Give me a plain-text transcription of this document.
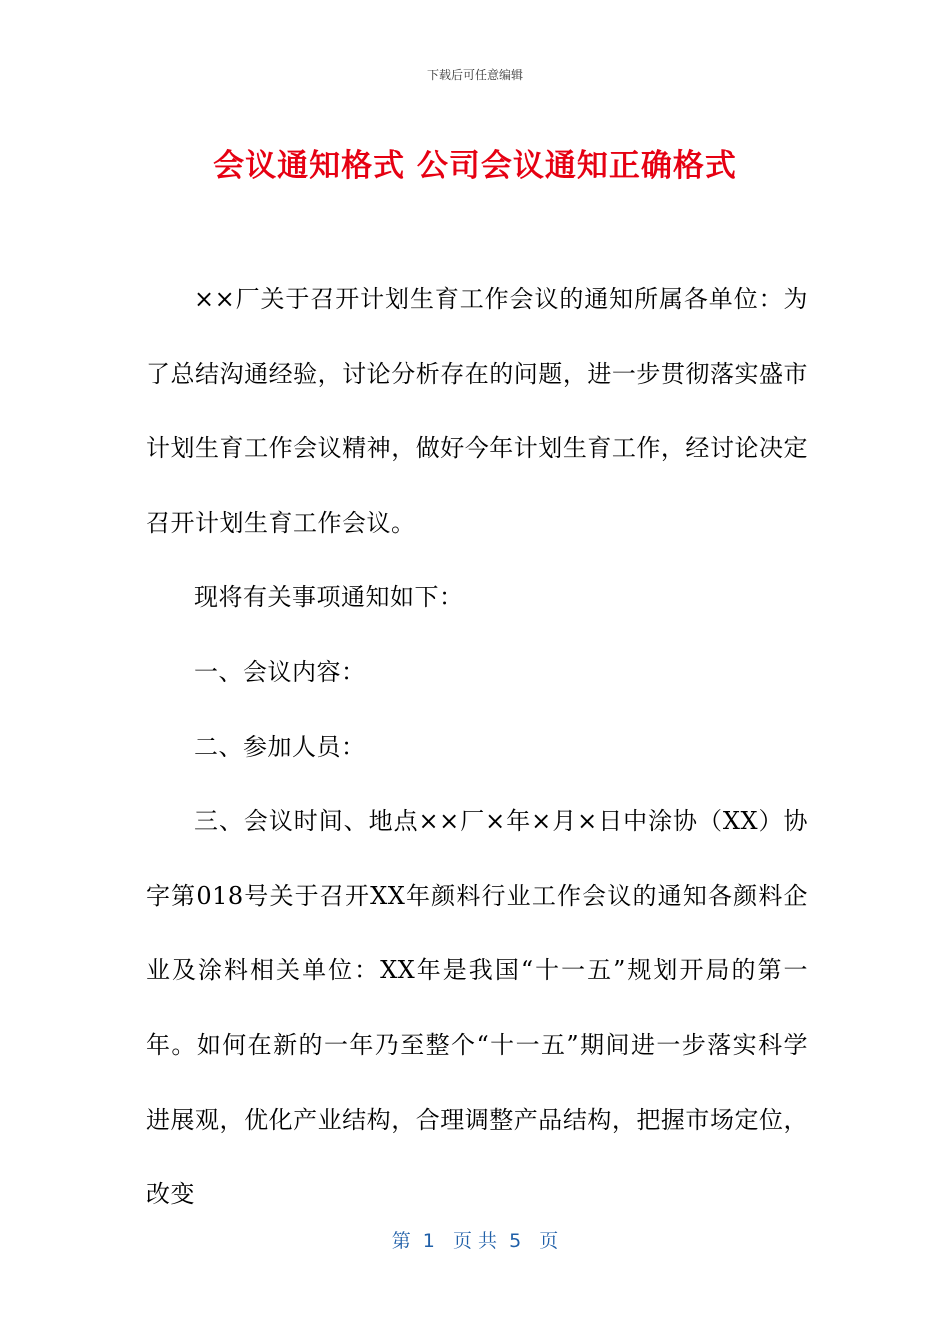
下载后可任意编辑
会议通知格式 公司会议通知正确格式

××厂关于召开计划生育工作会议的通知所属各单位：为了总结沟通经验，讨论分析存在的问题，进一步贯彻落实盛市计划生育工作会议精神，做好今年计划生育工作，经讨论决定召开计划生育工作会议。

现将有关事项通知如下：

一、会议内容：

二、参加人员：

三、会议时间、地点××厂×年×月×日中涂协（XX）协字第018号关于召开XX年颜料行业工作会议的通知各颜料企业及涂料相关单位：XX年是我国“十一五”规划开局的第一年。如何在新的一年乃至整个“十一五”期间进一步落实科学进展观，优化产业结构，合理调整产品结构，把握市场定位，改变

第  1   页 共  5   页
